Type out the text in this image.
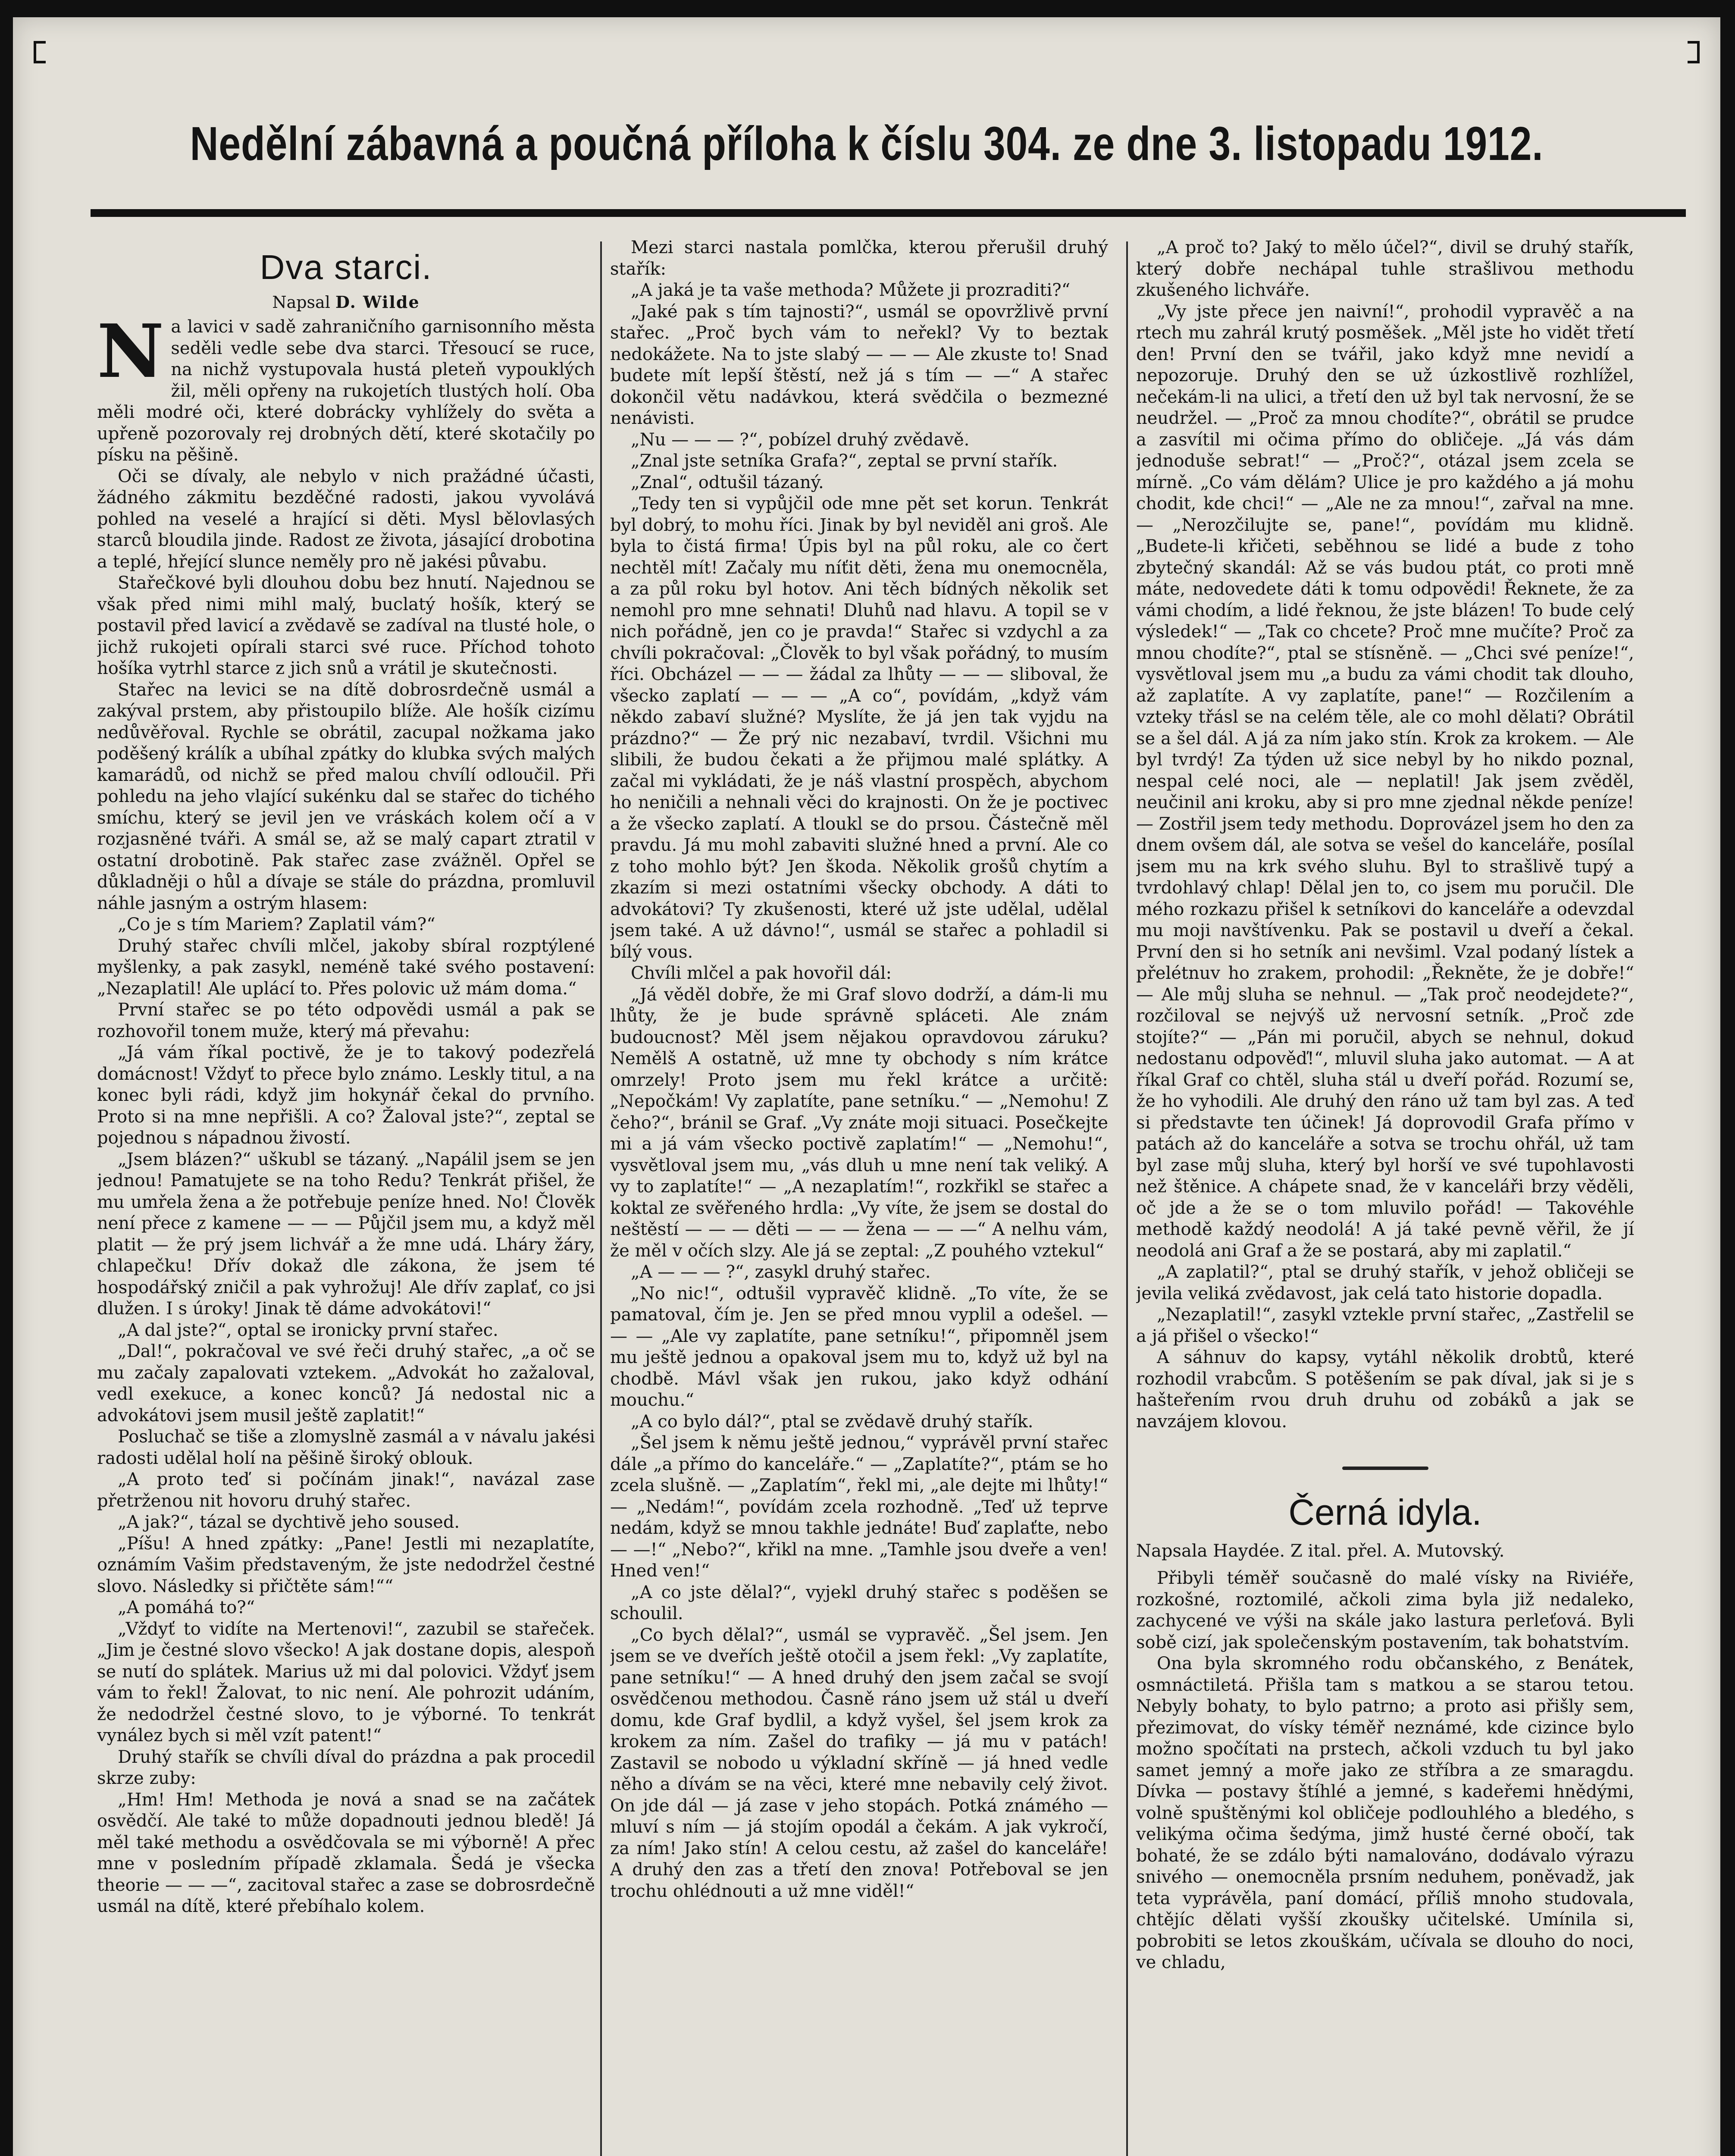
Nedělní zábavná a poučná příloha k číslu 304. ze dne 3. listopadu 1912.
Dva starci.
Napsal D. Wilde

Na lavici v sadě zahraničního garnisonního města seděli vedle sebe dva starci. Třesoucí se ruce, na nichž vystupovala hustá pleteň vypouklých žil, měli opřeny na rukojetích tlustých holí. Oba měli modré oči, které dobrácky vyhlížely do světa a upřeně pozorovaly rej drobných dětí, které skotačily po písku na pěšině.

Oči se dívaly, ale nebylo v nich pražádné účasti, žádného zákmitu bezděčné radosti, jakou vyvolává pohled na veselé a hrající si děti. Mysl bělovlasých starců bloudila jinde. Radost ze života, jásající drobotina a teplé, hřející slunce neměly pro ně jakési půvabu.

Stařečkové byli dlouhou dobu bez hnutí. Najednou se však před nimi mihl malý, buclatý hošík, který se postavil před lavicí a zvědavě se zadíval na tlusté hole, o jichž rukojeti opírali starci své ruce. Příchod tohoto hošíka vytrhl starce z jich snů a vrátil je skutečnosti.

Stařec na levici se na dítě dobrosrdečně usmál a zakýval prstem, aby přistoupilo blíže. Ale hošík cizímu nedůvěřoval. Rychle se obrátil, zacupal nožkama jako poděšený králík a ubíhal zpátky do klubka svých malých kamarádů, od nichž se před malou chvílí odloučil. Při pohledu na jeho vlající sukénku dal se stařec do tichého smíchu, který se jevil jen ve vráskách kolem očí a v rozjasněné tváři. A smál se, až se malý capart ztratil v ostatní drobotině. Pak stařec zase zvážněl. Opřel se důkladněji o hůl a dívaje se stále do prázdna, promluvil náhle jasným a ostrým hlasem:

„Co je s tím Mariem? Zaplatil vám?“

Druhý stařec chvíli mlčel, jakoby sbíral rozptýlené myšlenky, a pak zasykl, neméně také svého postavení: „Nezaplatil! Ale uplácí to. Přes polovic už mám doma.“

První stařec se po této odpovědi usmál a pak se rozhovořil tonem muže, který má převahu:

„Já vám říkal poctivě, že je to takový podezřelá domácnost! Vždyť to přece bylo známo. Leskly titul, a na konec byli rádi, když jim hokynář čekal do prvního. Proto si na mne nepřišli. A co? Žaloval jste?“, zeptal se pojednou s nápadnou živostí.

„Jsem blázen?“ uškubl se tázaný. „Napálil jsem se jen jednou! Pamatujete se na toho Redu? Tenkrát přišel, že mu umřela žena a že potřebuje peníze hned. No! Člověk není přece z kamene — — — Půjčil jsem mu, a když měl platit — že prý jsem lichvář a že mne udá. Lháry žáry, chlapečku! Dřív dokaž dle zákona, že jsem té hospodářský zničil a pak vyhrožuj! Ale dřív zaplať, co jsi dlužen. I s úroky! Jinak tě dáme advokátovi!“

„A dal jste?“, optal se ironicky první stařec.

„Dal!“, pokračoval ve své řeči druhý stařec, „a oč se mu začaly zapalovati vztekem. „Advokát ho zažaloval, vedl exekuce, a konec konců? Já nedostal nic a advokátovi jsem musil ještě zaplatit!“

Posluchač se tiše a zlomyslně zasmál a v návalu jakési radosti udělal holí na pěšině široký oblouk.

„A proto teď si počínám jinak!“, navázal zase přetrženou nit hovoru druhý stařec.

„A jak?“, tázal se dychtivě jeho soused.

„Píšu! A hned zpátky: „Pane! Jestli mi nezaplatíte, oznámím Vašim představeným, že jste nedodržel čestné slovo. Následky si přičtěte sám!““

„A pomáhá to?“

„Vždyť to vidíte na Mertenovi!“, zazubil se stařeček. „Jim je čestné slovo všecko! A jak dostane dopis, alespoň se nutí do splátek. Marius už mi dal polovici. Vždyť jsem vám to řekl! Žalovat, to nic není. Ale pohrozit udáním, že nedodržel čestné slovo, to je výborné. To tenkrát vynález bych si měl vzít patent!“

Druhý stařík se chvíli díval do prázdna a pak procedil skrze zuby:

„Hm! Hm! Methoda je nová a snad se na začátek osvědčí. Ale také to může dopadnouti jednou bledě! Já měl také methodu a osvědčovala se mi výborně! A přec mne v posledním případě zklamala. Šedá je všecka theorie — — —“, zacitoval stařec a zase se dobrosrdečně usmál na dítě, které přebíhalo kolem.

Mezi starci nastala pomlčka, kterou přerušil druhý stařík:

„A jaká je ta vaše methoda? Můžete ji prozraditi?“

„Jaké pak s tím tajnosti?“, usmál se opovržlivě první stařec. „Proč bych vám to neřekl? Vy to beztak nedokážete. Na to jste slabý — — — Ale zkuste to! Snad budete mít lepší štěstí, než já s tím — —“ A stařec dokončil větu nadávkou, která svědčila o bezmezné nenávisti.

„Nu — — — ?“, pobízel druhý zvědavě.

„Znal jste setníka Grafa?“, zeptal se první stařík.

„Znal“, odtušil tázaný.

„Tedy ten si vypůjčil ode mne pět set korun. Tenkrát byl dobrý, to mohu říci. Jinak by byl neviděl ani groš. Ale byla to čistá firma! Úpis byl na půl roku, ale co čert nechtěl mít! Začaly mu níťit děti, žena mu onemocněla, a za půl roku byl hotov. Ani těch bídných několik set nemohl pro mne sehnati! Dluhů nad hlavu. A topil se v nich pořádně, jen co je pravda!“ Stařec si vzdychl a za chvíli pokračoval: „Člověk to byl však pořádný, to musím říci. Obcházel — — — žádal za lhůty — — — sliboval, že všecko zaplatí — — — „A co“, povídám, „když vám někdo zabaví služné? Myslíte, že já jen tak vyjdu na prázdno?“ — Že prý nic nezabaví, tvrdil. Všichni mu slibili, že budou čekati a že přijmou malé splátky. A začal mi vykládati, že je náš vlastní prospěch, abychom ho neničili a nehnali věci do krajnosti. On že je poctivec a že všecko zaplatí. A tloukl se do prsou. Částečně měl pravdu. Já mu mohl zabaviti služné hned a první. Ale co z toho mohlo být? Jen škoda. Několik grošů chytím a zkazím si mezi ostatními všecky obchody. A dáti to advokátovi? Ty zkušenosti, které už jste udělal, udělal jsem také. A už dávno!“, usmál se stařec a pohladil si bílý vous.

Chvíli mlčel a pak hovořil dál:

„Já věděl dobře, že mi Graf slovo dodrží, a dám-li mu lhůty, že je bude správně spláceti. Ale znám budoucnost? Měl jsem nějakou opravdovou záruku? Nemělš A ostatně, už mne ty obchody s ním krátce omrzely! Proto jsem mu řekl krátce a určitě: „Nepočkám! Vy zaplatíte, pane setníku.“ — „Nemohu! Z čeho?“, bránil se Graf. „Vy znáte moji situaci. Posečkejte mi a já vám všecko poctivě zaplatím!“ — „Nemohu!“, vysvětloval jsem mu, „vás dluh u mne není tak veliký. A vy to zaplatíte!“ — „A nezaplatím!“, rozkřikl se stařec a koktal ze svěřeného hrdla: „Vy víte, že jsem se dostal do neštěstí — — — děti — — — žena — — —“ A nelhu vám, že měl v očích slzy. Ale já se zeptal: „Z pouhého vztekul“

„A — — — ?“, zasykl druhý stařec.

„No nic!“, odtušil vypravěč klidně. „To víte, že se pamatoval, čím je. Jen se před mnou vyplil a odešel. — — — „Ale vy zaplatíte, pane setníku!“, připomněl jsem mu ještě jednou a opakoval jsem mu to, když už byl na chodbě. Mávl však jen rukou, jako když odhání mouchu.“

„A co bylo dál?“, ptal se zvědavě druhý stařík.

„Šel jsem k němu ještě jednou,“ vyprávěl první stařec dále „a přímo do kanceláře.“ — „Zaplatíte?“, ptám se ho zcela slušně. — „Zaplatím“, řekl mi, „ale dejte mi lhůty!“ — „Nedám!“, povídám zcela rozhodně. „Teď už teprve nedám, když se mnou takhle jednáte! Buď zaplaťte, nebo — —!“ „Nebo?“, křikl na mne. „Tamhle jsou dveře a ven! Hned ven!“

„A co jste dělal?“, vyjekl druhý stařec s poděšen se schoulil.

„Co bych dělal?“, usmál se vypravěč. „Šel jsem. Jen jsem se ve dveřích ještě otočil a jsem řekl: „Vy zaplatíte, pane setníku!“ — A hned druhý den jsem začal se svojí osvědčenou methodou. Časně ráno jsem už stál u dveří domu, kde Graf bydlil, a když vyšel, šel jsem krok za krokem za ním. Zašel do trafiky — já mu v patách! Zastavil se nobodo u výkladní skříně — já hned vedle něho a dívám se na věci, které mne nebavily celý život. On jde dál — já zase v jeho stopách. Potká známého — mluví s ním — já stojím opodál a čekám. A jak vykročí, za ním! Jako stín! A celou cestu, až zašel do kanceláře! A druhý den zas a třetí den znova! Potřeboval se jen trochu ohlédnouti a už mne viděl!“

„A proč to? Jaký to mělo účel?“, divil se druhý stařík, který dobře nechápal tuhle strašlivou methodu zkušeného lichváře.

„Vy jste přece jen naivní!“, prohodil vypravěč a na rtech mu zahrál krutý posměšek. „Měl jste ho vidět třetí den! První den se tvářil, jako když mne nevidí a nepozoruje. Druhý den se už úzkostlivě rozhlížel, nečekám-li na ulici, a třetí den už byl tak nervosní, že se neudržel. — „Proč za mnou chodíte?“, obrátil se prudce a zasvítil mi očima přímo do obličeje. „Já vás dám jednoduše sebrat!“ — „Proč?“, otázal jsem zcela se mírně. „Co vám dělám? Ulice je pro každého a já mohu chodit, kde chci!“ — „Ale ne za mnou!“, zařval na mne. — „Nerozčilujte se, pane!“, povídám mu klidně. „Budete-li křičeti, seběhnou se lidé a bude z toho zbytečný skandál: Až se vás budou ptát, co proti mně máte, nedovedete dáti k tomu odpovědi! Řeknete, že za vámi chodím, a lidé řeknou, že jste blázen! To bude celý výsledek!“ — „Tak co chcete? Proč mne mučíte? Proč za mnou chodíte?“, ptal se stísněně. — „Chci své peníze!“, vysvětloval jsem mu „a budu za vámi chodit tak dlouho, až zaplatíte. A vy zaplatíte, pane!“ — Rozčilením a vzteky třásl se na celém těle, ale co mohl dělati? Obrátil se a šel dál. A já za ním jako stín. Krok za krokem. — Ale byl tvrdý! Za týden už sice nebyl by ho nikdo poznal, nespal celé noci, ale — neplatil! Jak jsem zvěděl, neučinil ani kroku, aby si pro mne zjednal někde peníze! — Zostřil jsem tedy methodu. Doprovázel jsem ho den za dnem ovšem dál, ale sotva se vešel do kanceláře, posílal jsem mu na krk svého sluhu. Byl to strašlivě tupý a tvrdohlavý chlap! Dělal jen to, co jsem mu poručil. Dle mého rozkazu přišel k setníkovi do kanceláře a odevzdal mu moji navštívenku. Pak se postavil u dveří a čekal. První den si ho setník ani nevšiml. Vzal podaný lístek a přelétnuv ho zrakem, prohodil: „Řekněte, že je dobře!“ — Ale můj sluha se nehnul. — „Tak proč neodejdete?“, rozčiloval se nejvýš už nervosní setník. „Proč zde stojíte?“ — „Pán mi poručil, abych se nehnul, dokud nedostanu odpověď!“, mluvil sluha jako automat. — A at říkal Graf co chtěl, sluha stál u dveří pořád. Rozumí se, že ho vyhodili. Ale druhý den ráno už tam byl zas. A teď si představte ten účinek! Já doprovodil Grafa přímo v patách až do kanceláře a sotva se trochu ohřál, už tam byl zase můj sluha, který byl horší ve své tupohlavosti než štěnice. A chápete snad, že v kanceláři brzy věděli, oč jde a že se o tom mluvilo pořád! — Takovéhle methodě každý neodolá! A já také pevně věřil, že jí neodolá ani Graf a že se postará, aby mi zaplatil.“

„A zaplatil?“, ptal se druhý stařík, v jehož obličeji se jevila veliká zvědavost, jak celá tato historie dopadla.

„Nezaplatil!“, zasykl vztekle první stařec, „Zastřelil se a já přišel o všecko!“

A sáhnuv do kapsy, vytáhl několik drobtů, které rozhodil vrabcům. S potěšením se pak díval, jak si je s hašteřením rvou druh druhu od zobáků a jak se navzájem klovou.

Černá idyla.
Napsala Haydée. Z ital. přel. A. Mutovský.

Přibyli téměř současně do malé vísky na Riviéře, rozkošné, roztomilé, ačkoli zima byla již nedaleko, zachycené ve výši na skále jako lastura perleťová. Byli sobě cizí, jak společenským postavením, tak bohatstvím.

Ona byla skromného rodu občanského, z Benátek, osmnáctiletá. Přišla tam s matkou a se starou tetou. Nebyly bohaty, to bylo patrno; a proto asi přišly sem, přezimovat, do vísky téměř neznámé, kde cizince bylo možno spočítati na prstech, ačkoli vzduch tu byl jako samet jemný a moře jako ze stříbra a ze smaragdu. Dívka — postavy štíhlé a jemné, s kadeřemi hnědými, volně spuštěnými kol obličeje podlouhlého a bledého, s velikýma očima šedýma, jimž husté černé obočí, tak bohaté, že se zdálo býti namalováno, dodávalo výrazu snivého — onemocněla prsním neduhem, poněvadž, jak teta vyprávěla, paní domácí, příliš mnoho studovala, chtějíc dělati vyšší zkoušky učitelské. Umínila si, pobrobiti se letos zkouškám, učívala se dlouho do noci, ve chladu,
